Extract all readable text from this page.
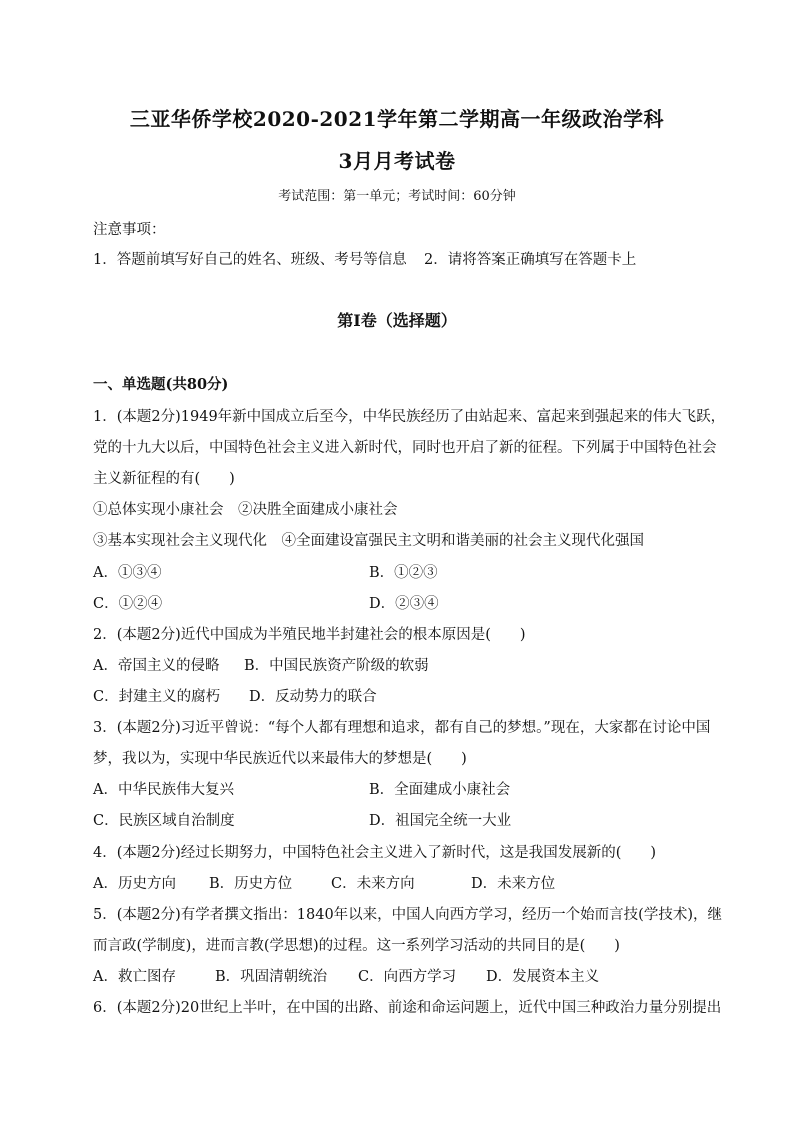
三亚华侨学校2020-2021学年第二学期高一年级政治学科
3月月考试卷
考试范围：第一单元；考试时间：60分钟
注意事项：
1．答题前填写好自己的姓名、班级、考号等信息 2．请将答案正确填写在答题卡上
第I卷（选择题）
一、单选题(共80分)
1．(本题2分)1949年新中国成立后至今，中华民族经历了由站起来、富起来到强起来的伟大飞跃，
党的十九大以后，中国特色社会主义进入新时代，同时也开启了新的征程。下列属于中国特色社会
主义新征程的有(　　)
①总体实现小康社会　②决胜全面建成小康社会
③基本实现社会主义现代化　④全面建设富强民主文明和谐美丽的社会主义现代化强国
A．①③④	B．①②③
C．①②④	D．②③④
2．(本题2分)近代中国成为半殖民地半封建社会的根本原因是(　　)
A．帝国主义的侵略 B．中国民族资产阶级的软弱
C．封建主义的腐朽 D．反动势力的联合
3．(本题2分)习近平曾说：“每个人都有理想和追求，都有自己的梦想。”现在，大家都在讨论中国
梦，我以为，实现中华民族近代以来最伟大的梦想是(　　)
A．中华民族伟大复兴	B．全面建成小康社会
C．民族区域自治制度	D．祖国完全统一大业
4．(本题2分)经过长期努力，中国特色社会主义进入了新时代，这是我国发展新的(　　)
A．历史方向 B．历史方位	C．未来方向	D．未来方位
5．(本题2分)有学者撰文指出：1840年以来，中国人向西方学习，经历一个始而言技(学技术)，继
而言政(学制度)，进而言教(学思想)的过程。这一系列学习活动的共同目的是(　　)
A．救亡图存	B．巩固清朝统治 C．向西方学习 D．发展资本主义
6．(本题2分)20世纪上半叶，在中国的出路、前途和命运问题上，近代中国三种政治力量分别提出
